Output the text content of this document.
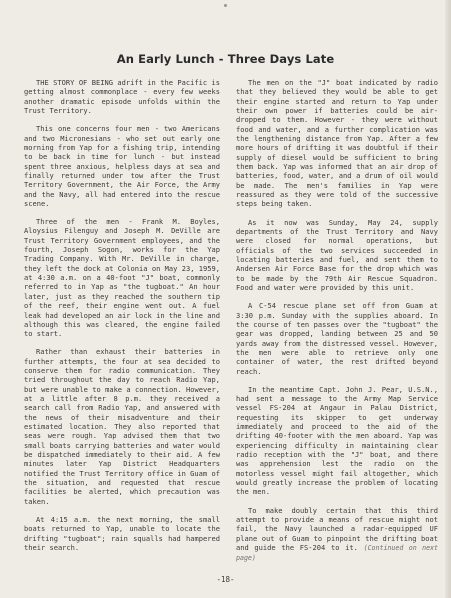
An Early Lunch - Three Days Late

THE STORY OF BEING adrift in the Pacific is getting almost commonplace - every few weeks another dramatic episode unfolds within the Trust Territory.

This one concerns four men - two Americans and two Micronesians - who set out early one morning from Yap for a fishing trip, intending to be back in time for lunch - but instead spent three anxious, helpless days at sea and finally returned under tow after the Trust Territory Government, the Air Force, the Army and the Navy, all had entered into the rescue scene.

Three of the men - Frank M. Boyles, Aloysius Filenguy and Joseph M. DeVille are Trust Territory Government employees, and the fourth, Joseph Sogon, works for the Yap Trading Company. With Mr. DeVille in charge, they left the dock at Colonia on May 23, 1959, at 4:30 a.m. on a 40-foot "J" boat, commonly referred to in Yap as "the tugboat." An hour later, just as they reached the southern tip of the reef, their engine went out. A fuel leak had developed an air lock in the line and although this was cleared, the engine failed to start.

Rather than exhaust their batteries in further attempts, the four at sea decided to conserve them for radio communication. They tried throughout the day to reach Radio Yap, but were unable to make a connection. However, at a little after 8 p.m. they received a search call from Radio Yap, and answered with the news of their misadventure and their estimated location. They also reported that seas were rough. Yap advised them that two small boats carrying batteries and water would be dispatched immediately to their aid. A few minutes later Yap District Headquarters notified the Trust Territory office in Guam of the situation, and requested that rescue facilities be alerted, which precaution was taken.

At 4:15 a.m. the next morning, the small boats returned to Yap, unable to locate the drifting "tugboat"; rain squalls had hampered their search.

The men on the "J" boat indicated by radio that they believed they would be able to get their engine started and return to Yap under their own power if batteries could be air-dropped to them. However - they were without food and water, and a further complication was the lengthening distance from Yap. After a few more hours of drifting it was doubtful if their supply of diesel would be sufficient to bring them back. Yap was informed that an air drop of batteries, food, water, and a drum of oil would be made. The men's families in Yap were reassured as they were told of the successive steps being taken.

As it now was Sunday, May 24, supply departments of the Trust Territory and Navy were closed for normal operations, but officials of the two services succeeded in locating batteries and fuel, and sent them to Andersen Air Force Base for the drop which was to be made by the 79th Air Rescue Squadron. Food and water were provided by this unit.

A C-54 rescue plane set off from Guam at 3:30 p.m. Sunday with the supplies aboard. In the course of ten passes over the "tugboat" the gear was dropped, landing between 25 and 50 yards away from the distressed vessel. However, the men were able to retrieve only one container of water, the rest drifted beyond reach.

In the meantime Capt. John J. Pear, U.S.N., had sent a message to the Army Map Service vessel FS-204 at Angaur in Palau District, requesting its skipper to get underway immediately and proceed to the aid of the drifting 40-footer with the men aboard. Yap was experiencing difficulty in maintaining clear radio reception with the "J" boat, and there was apprehension lest the radio on the motorless vessel might fail altogether, which would greatly increase the problem of locating the men.

To make doubly certain that this third attempt to provide a means of rescue might not fail, the Navy launched a radar-equipped UF plane out of Guam to pinpoint the drifting boat and guide the FS-204 to it. (Continued on next page)

-18-
